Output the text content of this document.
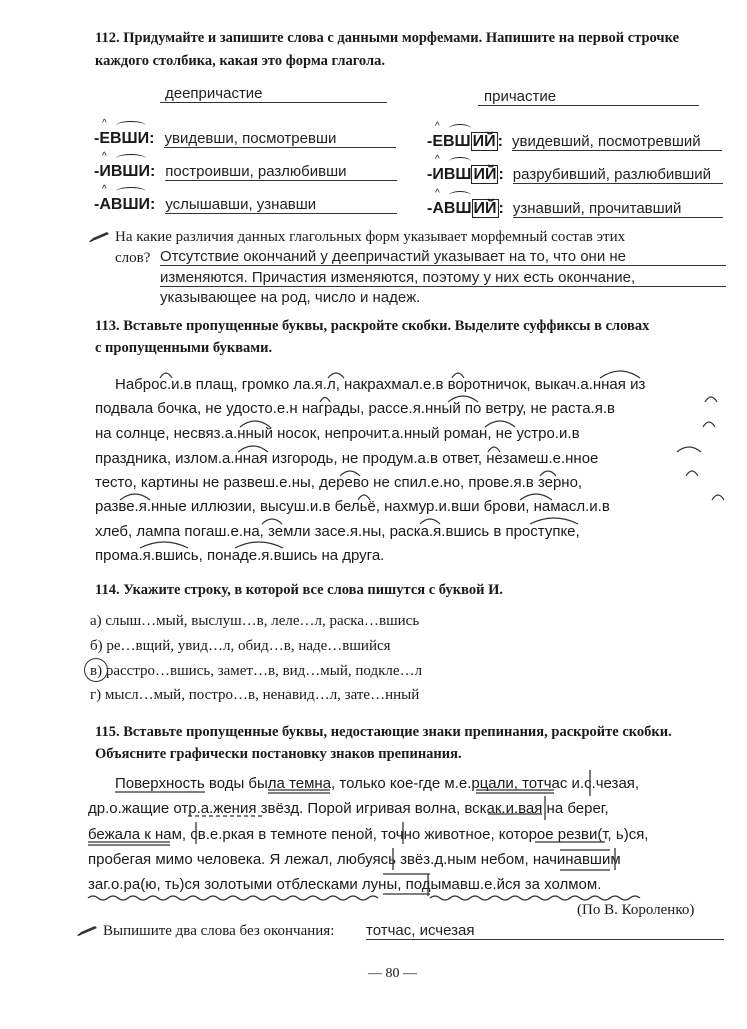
112. Придумайте и запишите слова с данными морфемами. Напишите на первой строчке
каждого столбика, какая это форма глагола.
деепричастие	причастие
^
-ЕВШИ: увидевши, посмотревши
^
-ИВШИ: построивши, разлюбивши
^
-АВШИ: услышавши, узнавши
^
-ЕВШ ИЙ : увидевший, посмотревший
^
-ИВШ ИЙ : разрубивший, разлюбивший
^
-АВШ ИЙ : узнавший, прочитавший
На какие различия данных глагольных форм указывает морфемный состав этих
слов? Отсутствие окончаний у деепричастий указывает на то, что они не
изменяются. Причастия изменяются, поэтому у них есть окончание,
указывающее на род, число и надеж.
113. Вставьте пропущенные буквы, раскройте скобки. Выделите суффиксы в словах
с пропущенными буквами.
Наброс.и.в плащ, громко ла.я.л, накрахмал.е.в воротничок, выкач.а.нная из
подвала бочка, не удосто.е.н награды, рассе.я.нный по ветру, не раста.я.в
на солнце, несвяз.а.нный носок, непрочит.а.нный роман, не устро.и.в
праздника, излом.а.нная изгородь, не продум.а.в ответ, незамеш.е.нное
тесто, картины не развеш.е.ны, дерево не спил.е.но, прове.я.в зерно,
разве.я.нные иллюзии, высуш.и.в бельё, нахмур.и.вши брови, намасл.и.в
хлеб, лампа погаш.е.на, земли засе.я.ны, раска.я.вшись в проступке,
прома.я.вшись, понаде.я.вшись на друга.
114. Укажите строку, в которой все слова пишутся с буквой И.
а) слыш…мый, выслуш…в, леле…л, раска…вшись
б) ре…вщий, увид…л, обид…в, наде…вшийся
в) расстро…вшись, замет…в, вид…мый, подкле…л
г) мысл…мый, постро…в, ненавид…л, зате…нный
115. Вставьте пропущенные буквы, недостающие знаки препинания, раскройте скобки.
Объясните графически постановку знаков препинания.
Поверхность воды была темна, только кое-где м.е.рцали, тотчас и.с.чезая,
др.о.жащие отр.а.жения звёзд. Порой игривая волна, вскак.и.вая на берег,
бежала к нам, св.е.ркая в темноте пеной, точно животное, которое резви(т, ь)ся,
пробегая мимо человека. Я лежал, любуясь звёз.д.ным небом, начинавшим
заг.о.ра(ю, ть)ся золотыми отблесками луны, подымавш.е.йся за холмом.
(По В. Короленко)
Выпишите два слова без окончания: тотчас, исчезая
— 80 —
